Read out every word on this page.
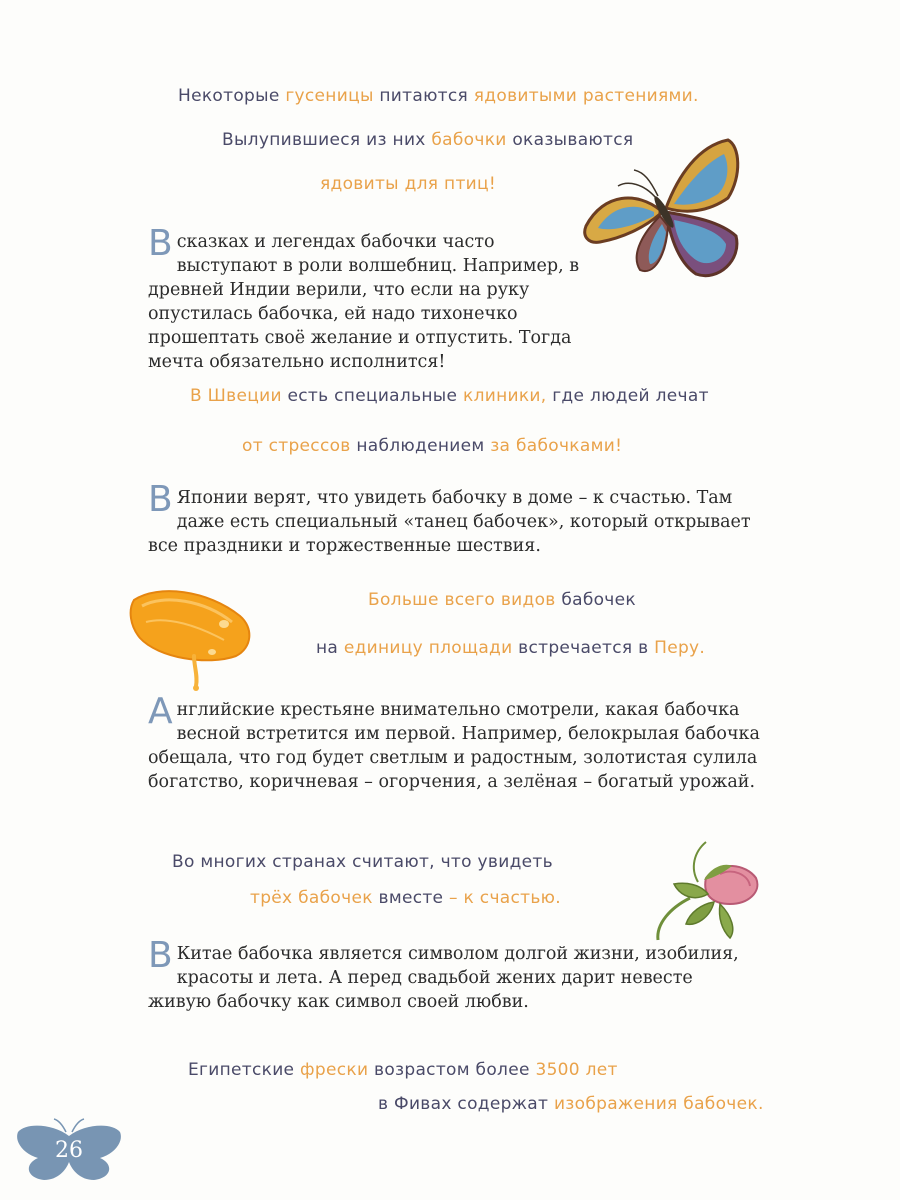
Некоторые гусеницы питаются ядовитыми растениями.
Вылупившиеся из них бабочки оказываются
ядовиты для птиц!
Всказках и легендах бабочки часто выступают в роли волшебниц. Например, в древней Индии верили, что если на руку опустилась бабочка, ей надо тихонечко прошептать своё желание и отпустить. Тогда мечта обязательно исполнится!
В Швеции есть специальные клиники, где людей лечат
от стрессов наблюдением за бабочками!
В Японии верят, что увидеть бабочку в доме – к счастью. Там даже есть специальный «танец бабочек», который открывает все праздники и торжественные шествия.
Больше всего видов бабочек
на единицу площади встречается в Перу.
Английские крестьяне внимательно смотрели, какая бабочка весной встретится им первой. Например, белокрылая бабочка обещала, что год будет светлым и радостным, золотистая сулила богатство, коричневая – огорчения, а зелёная – богатый урожай.
Во многих странах считают, что увидеть
трёх бабочек вместе – к счастью.
В Китае бабочка является символом долгой жизни, изобилия, красоты и лета. А перед свадьбой жених дарит невесте живую бабочку как символ своей любви.
Египетские фрески возрастом более 3500 лет
в Фивах содержат изображения бабочек.
26
